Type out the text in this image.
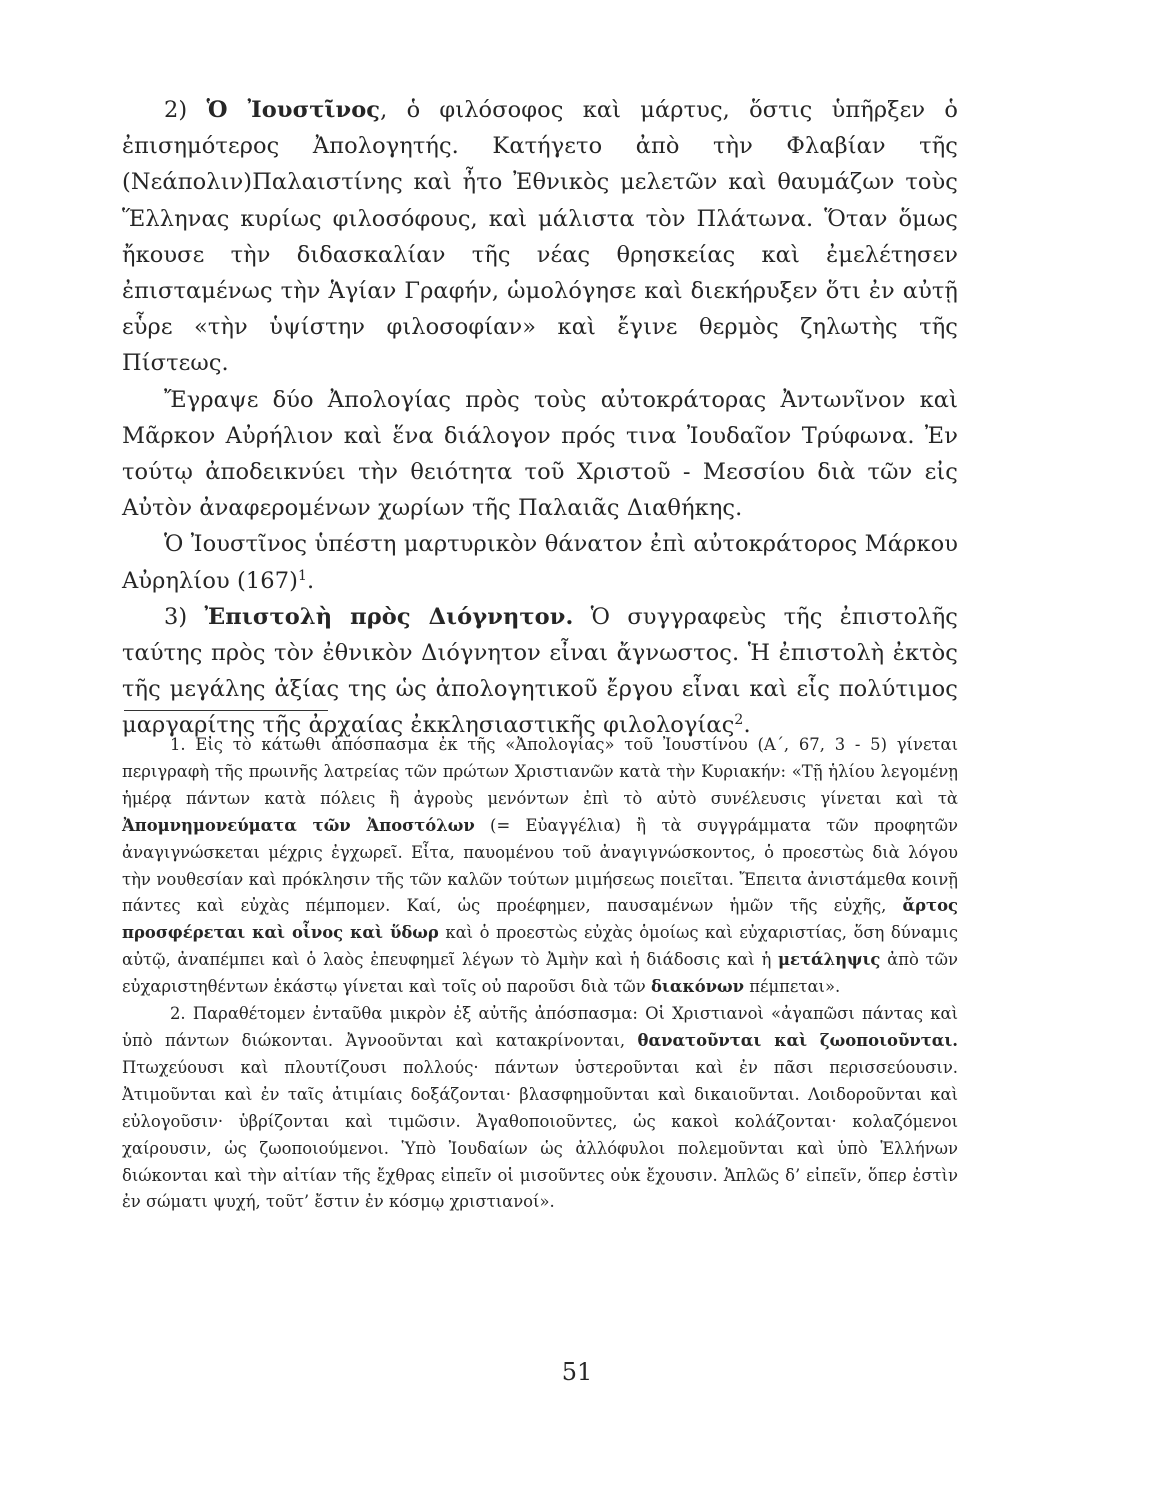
2) Ὁ Ἰουστῖνος, ὁ φιλόσοφος καὶ μάρτυς, ὅστις ὑπῆρξεν ὁ ἐπισημότερος Ἀπολογητής. Κατήγετο ἀπὸ τὴν Φλαβίαν τῆς (Νεάπολιν)Παλαιστίνης καὶ ἦτο Ἐθνικὸς μελετῶν καὶ θαυμάζων τοὺς Ἕλληνας κυρίως φιλοσόφους, καὶ μάλιστα τὸν Πλάτωνα. Ὅταν ὅμως ἤκουσε τὴν διδασκαλίαν τῆς νέας θρησκείας καὶ ἐμελέτησεν ἐπισταμένως τὴν Ἁγίαν Γραφήν, ὡμολόγησε καὶ διεκήρυξεν ὅτι ἐν αὐτῇ εὗρε «τὴν ὑψίστην φιλοσοφίαν» καὶ ἔγινε θερμὸς ζηλωτὴς τῆς Πίστεως.

Ἔγραψε δύο Ἀπολογίας πρὸς τοὺς αὐτοκράτορας Ἀντωνῖνον καὶ Μᾶρκον Αὐρήλιον καὶ ἕνα διάλογον πρός τινα Ἰουδαῖον Τρύφωνα. Ἐν τούτῳ ἀποδεικνύει τὴν θειότητα τοῦ Χριστοῦ - Μεσσίου διὰ τῶν εἰς Αὐτὸν ἀναφερομένων χωρίων τῆς Παλαιᾶς Διαθήκης.

Ὁ Ἰουστῖνος ὑπέστη μαρτυρικὸν θάνατον ἐπὶ αὐτοκράτορος Μάρκου Αὐρηλίου $(167)^1$.

3) Ἐπιστολὴ πρὸς Διόγνητον. Ὁ συγγραφεὺς τῆς ἐπιστολῆς ταύτης πρὸς τὸν ἐθνικὸν Διόγνητον εἶναι ἄγνωστος. Ἡ ἐπιστολὴ ἐκτὸς τῆς μεγάλης ἀξίας της ὡς ἀπολογητικοῦ ἔργου εἶναι καὶ εἷς πολύτιμος μαργαρίτης τῆς ἀρχαίας ἐκκλησιαστικῆς φιλολογίας$^2$.

1. Εἰς τὸ κάτωθι ἀπόσπασμα ἐκ τῆς «Ἀπολογίας» τοῦ Ἰουστίνου (Α΄, 67, 3 - 5) γίνεται περιγραφὴ τῆς πρωινῆς λατρείας τῶν πρώτων Χριστιανῶν κατὰ τὴν Κυριακήν: «Τῇ ἡλίου λεγομένῃ ἡμέρᾳ πάντων κατὰ πόλεις ἢ ἀγροὺς μενόντων ἐπὶ τὸ αὐτὸ συνέλευσις γίνεται καὶ τὰ Ἀπομνημονεύματα τῶν Ἀποστόλων (= Εὐαγγέλια) ἢ τὰ συγγράμματα τῶν προφητῶν ἀναγιγνώσκεται μέχρις ἐγχωρεῖ. Εἶτα, παυομένου τοῦ ἀναγιγνώσκοντος, ὁ προεστὼς διὰ λόγου τὴν νουθεσίαν καὶ πρόκλησιν τῆς τῶν καλῶν τούτων μιμήσεως ποιεῖται. Ἔπειτα ἀνιστάμεθα κοινῇ πάντες καὶ εὐχὰς πέμπομεν. Καί, ὡς προέφημεν, παυσαμένων ἡμῶν τῆς εὐχῆς, ἄρτος προσφέρεται καὶ οἶνος καὶ ὕδωρ καὶ ὁ προεστὼς εὐχὰς ὁμοίως καὶ εὐχαριστίας, ὅση δύναμις αὐτῷ, ἀναπέμπει καὶ ὁ λαὸς ἐπευφημεῖ λέγων τὸ Ἀμὴν καὶ ἡ διάδοσις καὶ ἡ μετάληψις ἀπὸ τῶν εὐχαριστηθέντων ἑκάστῳ γίνεται καὶ τοῖς οὐ παροῦσι διὰ τῶν διακόνων πέμπεται».

2. Παραθέτομεν ἐνταῦθα μικρὸν ἐξ αὐτῆς ἀπόσπασμα: Οἱ Χριστιανοὶ «ἀγαπῶσι πάντας καὶ ὑπὸ πάντων διώκονται. Ἀγνοοῦνται καὶ κατακρίνονται, θανατοῦνται καὶ ζωοποιοῦνται. Πτωχεύουσι καὶ πλουτίζουσι πολλούς· πάντων ὑστεροῦνται καὶ ἐν πᾶσι περισσεύουσιν. Ἀτιμοῦνται καὶ ἐν ταῖς ἀτιμίαις δοξάζονται· βλασφημοῦνται καὶ δικαιοῦνται. Λοιδοροῦνται καὶ εὐλογοῦσιν· ὑβρίζονται καὶ τιμῶσιν. Ἀγαθοποιοῦντες, ὡς κακοὶ κολάζονται· κολαζόμενοι χαίρουσιν, ὡς ζωοποιούμενοι. Ὑπὸ Ἰουδαίων ὡς ἀλλόφυλοι πολεμοῦνται καὶ ὑπὸ Ἑλλήνων διώκονται καὶ τὴν αἰτίαν τῆς ἔχθρας εἰπεῖν οἱ μισοῦντες οὐκ ἔχουσιν. Ἁπλῶς δ’ εἰπεῖν, ὅπερ ἐστὶν ἐν σώματι ψυχή, τοῦτ’ ἔστιν ἐν κόσμῳ χριστιανοί».

51
